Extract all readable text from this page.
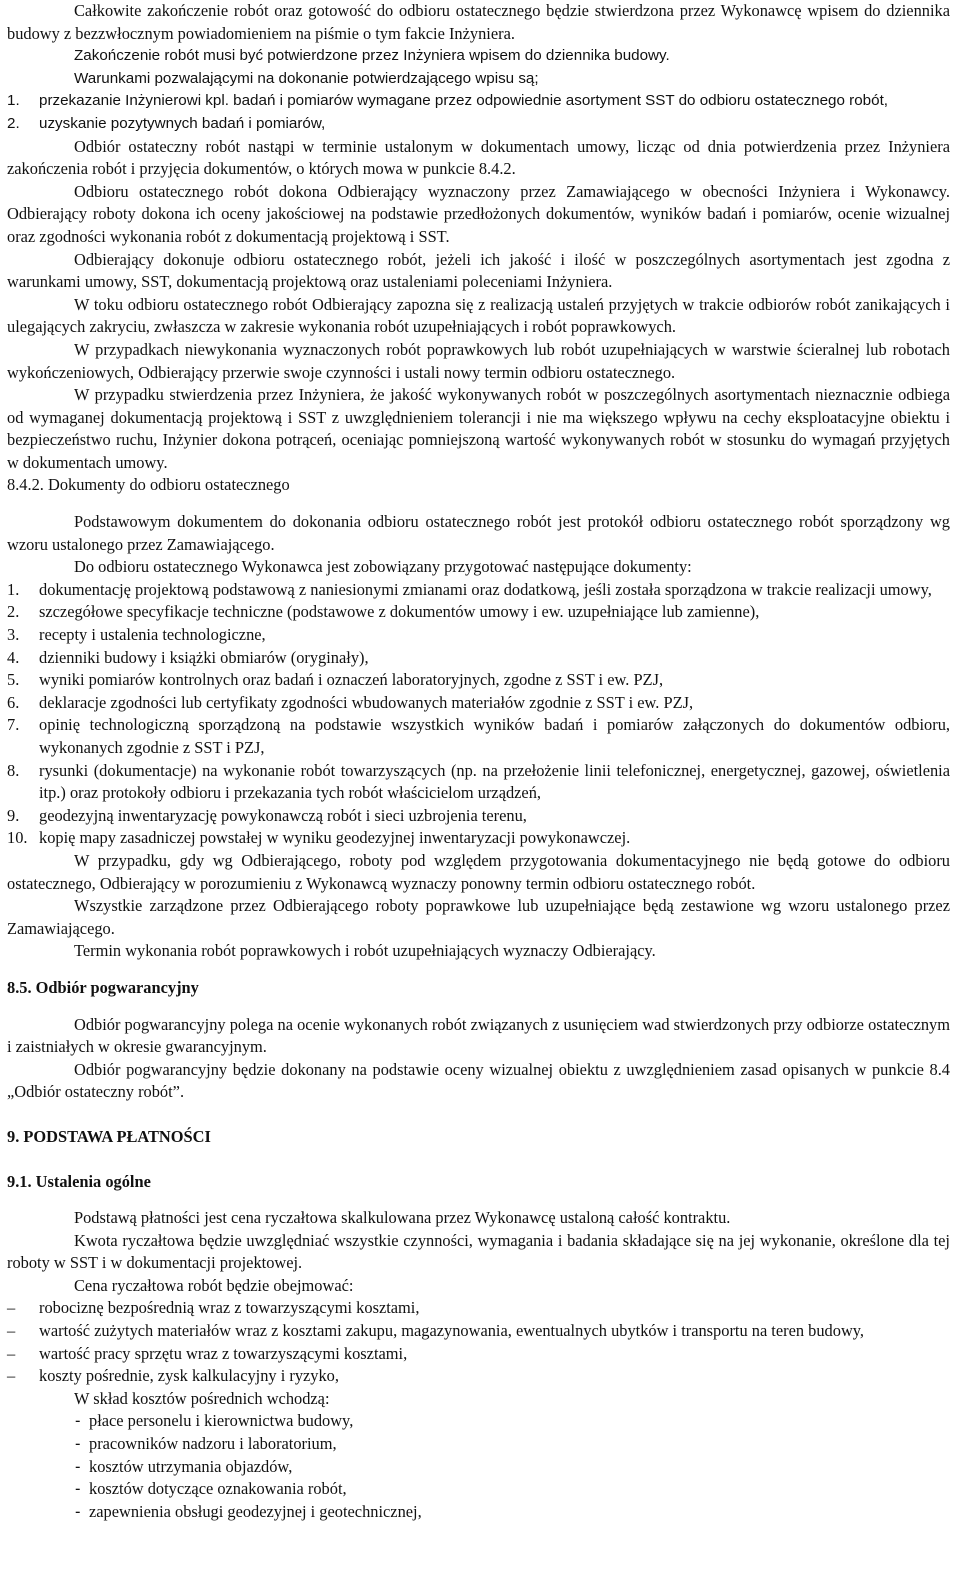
Całkowite zakończenie robót oraz gotowość do odbioru ostatecznego będzie stwierdzona przez Wykonawcę wpisem do dziennika budowy z bezzwłocznym powiadomieniem na piśmie o tym fakcie Inżyniera.

Zakończenie robót musi być potwierdzone przez Inżyniera wpisem do dziennika budowy.

Warunkami pozwalającymi na dokonanie potwierdzającego wpisu są;

1. przekazanie Inżynierowi kpl. badań i pomiarów wymagane przez odpowiednie asortyment SST do odbioru ostatecznego robót,

2. uzyskanie pozytywnych badań i pomiarów,

Odbiór ostateczny robót nastąpi w terminie ustalonym w dokumentach umowy, licząc od dnia potwierdzenia przez Inżyniera zakończenia robót i przyjęcia dokumentów, o których mowa w punkcie 8.4.2.

Odbioru ostatecznego robót dokona Odbierający wyznaczony przez Zamawiającego w obecności Inżyniera i Wykonawcy. Odbierający roboty dokona ich oceny jakościowej na podstawie przedłożonych dokumentów, wyników badań i pomiarów, ocenie wizualnej oraz zgodności wykonania robót z dokumentacją projektową i SST.

Odbierający dokonuje odbioru ostatecznego robót, jeżeli ich jakość i ilość w poszczególnych asortymentach jest zgodna z warunkami umowy, SST, dokumentacją projektową oraz ustaleniami poleceniami Inżyniera.

W toku odbioru ostatecznego robót Odbierający zapozna się z realizacją ustaleń przyjętych w trakcie odbiorów robót zanikających i ulegających zakryciu, zwłaszcza w zakresie wykonania robót uzupełniających i robót poprawkowych.

W przypadkach niewykonania wyznaczonych robót poprawkowych lub robót uzupełniających w warstwie ścieralnej lub robotach wykończeniowych, Odbierający przerwie swoje czynności i ustali nowy termin odbioru ostatecznego.

W przypadku stwierdzenia przez Inżyniera, że jakość wykonywanych robót w poszczególnych asortymentach nieznacznie odbiega od wymaganej dokumentacją projektową i SST z uwzględnieniem tolerancji i nie ma większego wpływu na cechy eksploatacyjne obiektu i bezpieczeństwo ruchu, Inżynier dokona potrąceń, oceniając pomniejszoną wartość wykonywanych robót w stosunku do wymagań przyjętych w dokumentach umowy.

8.4.2. Dokumenty do odbioru ostatecznego

Podstawowym dokumentem do dokonania odbioru ostatecznego robót jest protokół odbioru ostatecznego robót sporządzony wg wzoru ustalonego przez Zamawiającego.

Do odbioru ostatecznego Wykonawca jest zobowiązany przygotować następujące dokumenty:

1. dokumentację projektową podstawową z naniesionymi zmianami oraz dodatkową, jeśli została sporządzona w trakcie realizacji umowy,

2. szczegółowe specyfikacje techniczne (podstawowe z dokumentów umowy i ew. uzupełniające lub zamienne),

3. recepty i ustalenia technologiczne,

4. dzienniki budowy i książki obmiarów (oryginały),

5. wyniki pomiarów kontrolnych oraz badań i oznaczeń laboratoryjnych, zgodne z SST i ew. PZJ,

6. deklaracje zgodności lub certyfikaty zgodności wbudowanych materiałów zgodnie z SST i ew. PZJ,

7. opinię technologiczną sporządzoną na podstawie wszystkich wyników badań i pomiarów załączonych do dokumentów odbioru, wykonanych zgodnie z SST i PZJ,

8. rysunki (dokumentacje) na wykonanie robót towarzyszących (np. na przełożenie linii telefonicznej, energetycznej, gazowej, oświetlenia itp.) oraz protokoły odbioru i przekazania tych robót właścicielom urządzeń,

9. geodezyjną inwentaryzację powykonawczą robót i sieci uzbrojenia terenu,

10. kopię mapy zasadniczej powstałej w wyniku geodezyjnej inwentaryzacji powykonawczej.

W przypadku, gdy wg Odbierającego, roboty pod względem przygotowania dokumentacyjnego nie będą gotowe do odbioru ostatecznego, Odbierający w porozumieniu z Wykonawcą wyznaczy ponowny termin odbioru ostatecznego robót.

Wszystkie zarządzone przez Odbierającego roboty poprawkowe lub uzupełniające będą zestawione wg wzoru ustalonego przez Zamawiającego.

Termin wykonania robót poprawkowych i robót uzupełniających wyznaczy Odbierający.

8.5. Odbiór pogwarancyjny

Odbiór pogwarancyjny polega na ocenie wykonanych robót związanych z usunięciem wad stwierdzonych przy odbiorze ostatecznym i zaistniałych w okresie gwarancyjnym.

Odbiór pogwarancyjny będzie dokonany na podstawie oceny wizualnej obiektu z uwzględnieniem zasad opisanych w punkcie 8.4 „Odbiór ostateczny robót”.

9. PODSTAWA PŁATNOŚCI

9.1. Ustalenia ogólne

Podstawą płatności jest cena ryczałtowa skalkulowana przez Wykonawcę ustaloną całość kontraktu.

Kwota ryczałtowa będzie uwzględniać wszystkie czynności, wymagania i badania składające się na jej wykonanie, określone dla tej roboty w SST i w dokumentacji projektowej.

Cena ryczałtowa robót będzie obejmować:

– robociznę bezpośrednią wraz z towarzyszącymi kosztami,

– wartość zużytych materiałów wraz z kosztami zakupu, magazynowania, ewentualnych ubytków i transportu na teren budowy,

– wartość pracy sprzętu wraz z towarzyszącymi kosztami,

– koszty pośrednie, zysk kalkulacyjny i ryzyko,

W skład kosztów pośrednich wchodzą:

- płace personelu i kierownictwa budowy,

- pracowników nadzoru i laboratorium,

- kosztów utrzymania objazdów,

- kosztów dotyczące oznakowania robót,

- zapewnienia obsługi geodezyjnej i geotechnicznej,
